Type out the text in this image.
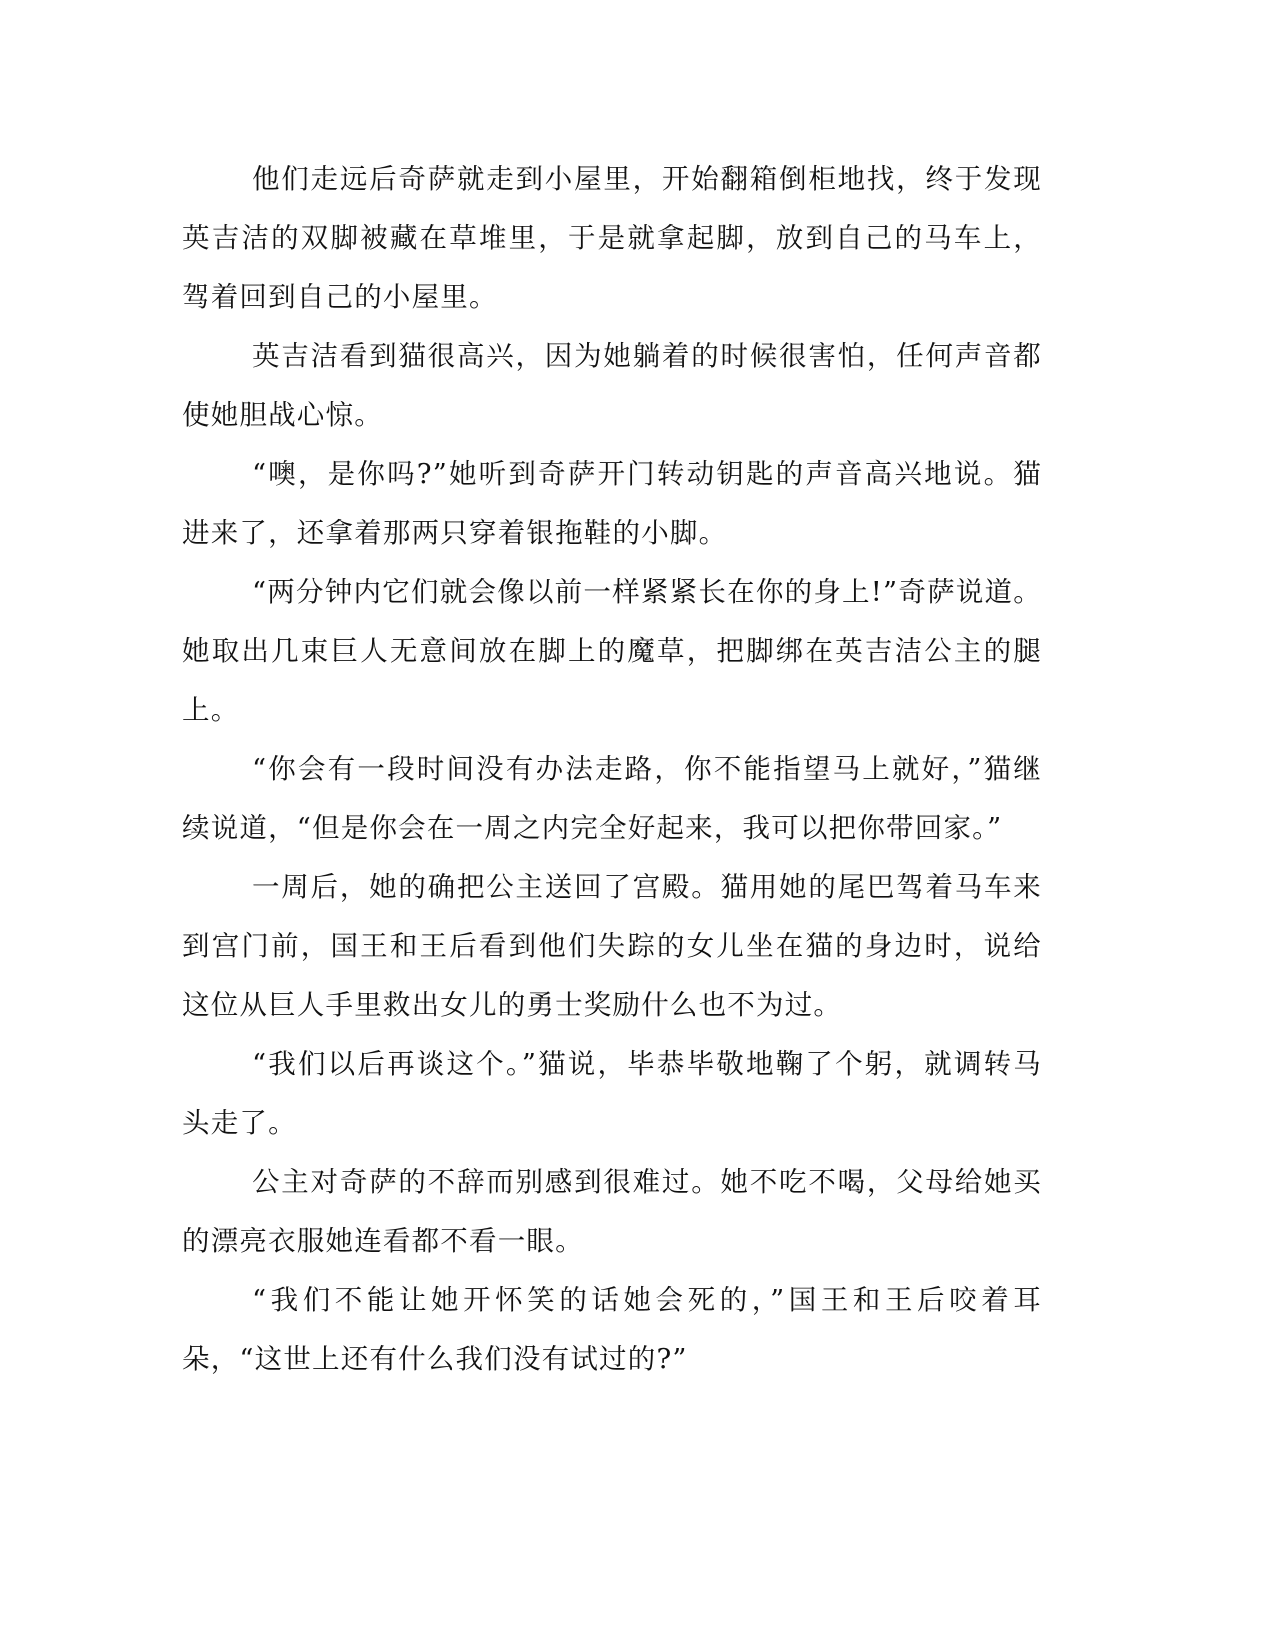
他们走远后奇萨就走到小屋里，开始翻箱倒柜地找，终于发现英吉洁的双脚被藏在草堆里，于是就拿起脚，放到自己的马车上，驾着回到自己的小屋里。

英吉洁看到猫很高兴，因为她躺着的时候很害怕，任何声音都使她胆战心惊。

“噢，是你吗?”她听到奇萨开门转动钥匙的声音高兴地说。猫进来了，还拿着那两只穿着银拖鞋的小脚。

“两分钟内它们就会像以前一样紧紧长在你的身上!”奇萨说道。她取出几束巨人无意间放在脚上的魔草，把脚绑在英吉洁公主的腿上。

“你会有一段时间没有办法走路，你不能指望马上就好，”猫继续说道，“但是你会在一周之内完全好起来，我可以把你带回家。”

一周后，她的确把公主送回了宫殿。猫用她的尾巴驾着马车来到宫门前，国王和王后看到他们失踪的女儿坐在猫的身边时，说给这位从巨人手里救出女儿的勇士奖励什么也不为过。

“我们以后再谈这个。”猫说，毕恭毕敬地鞠了个躬，就调转马头走了。

公主对奇萨的不辞而别感到很难过。她不吃不喝，父母给她买的漂亮衣服她连看都不看一眼。

“我们不能让她开怀笑的话她会死的，”国王和王后咬着耳朵，“这世上还有什么我们没有试过的?”
